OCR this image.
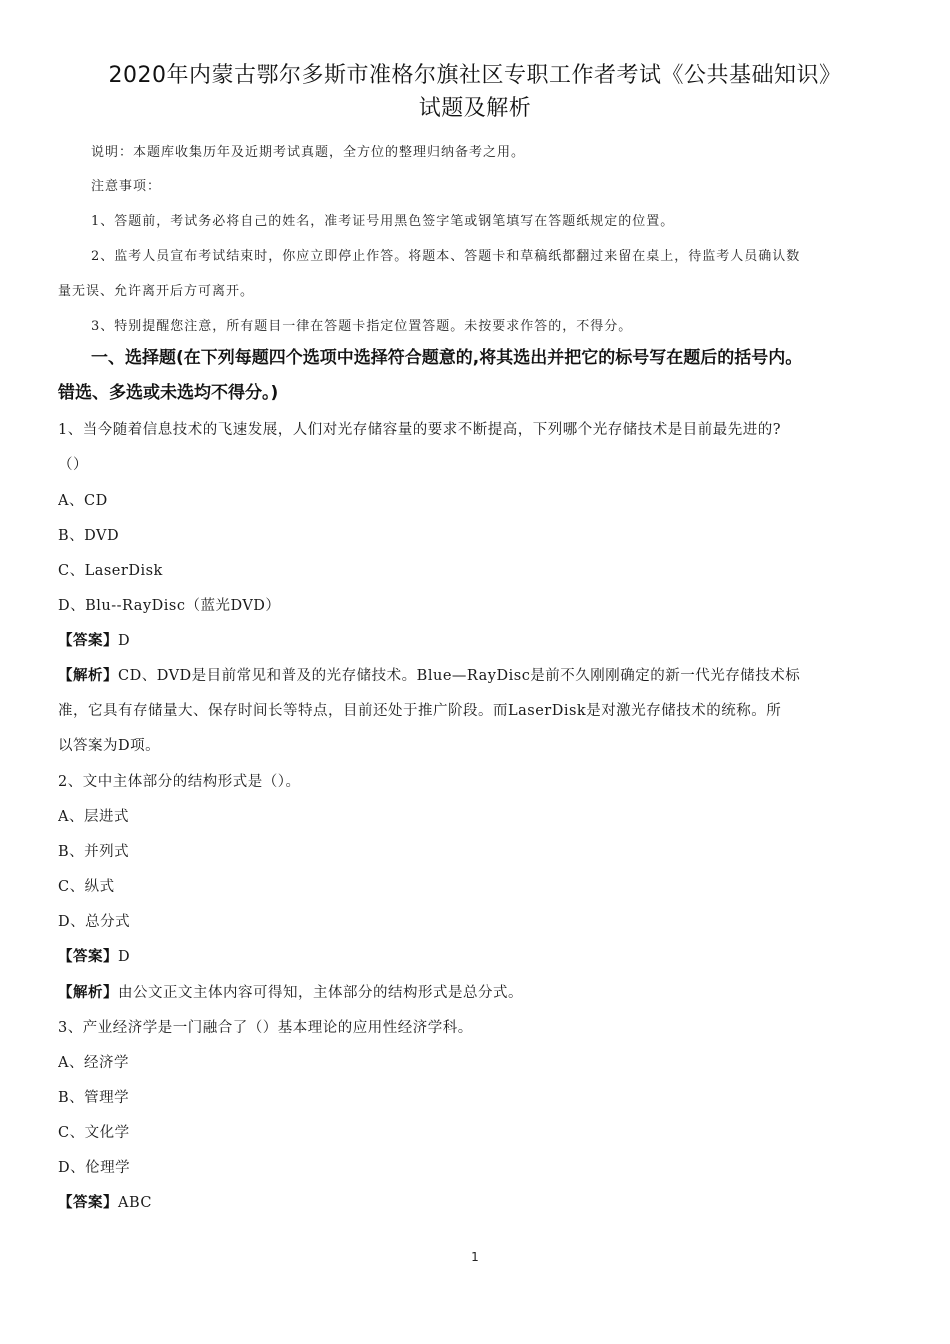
2020年内蒙古鄂尔多斯市准格尔旗社区专职工作者考试《公共基础知识》
试题及解析
说明：本题库收集历年及近期考试真题，全方位的整理归纳备考之用。
注意事项：
1、答题前，考试务必将自己的姓名，准考证号用黑色签字笔或钢笔填写在答题纸规定的位置。
2、监考人员宣布考试结束时，你应立即停止作答。将题本、答题卡和草稿纸都翻过来留在桌上，待监考人员确认数
量无误、允许离开后方可离开。
3、特别提醒您注意，所有题目一律在答题卡指定位置答题。未按要求作答的，不得分。
一、选择题(在下列每题四个选项中选择符合题意的,将其选出并把它的标号写在题后的括号内。
错选、多选或未选均不得分。)
1、当今随着信息技术的飞速发展，人们对光存储容量的要求不断提高，下列哪个光存储技术是目前最先进的?
（）
A、CD
B、DVD
C、LaserDisk
D、Blu--RayDisc（蓝光DVD）
【答案】D
【解析】CD、DVD是目前常见和普及的光存储技术。Blue—RayDisc是前不久刚刚确定的新一代光存储技术标
准，它具有存储量大、保存时间长等特点，目前还处于推广阶段。而LaserDisk是对激光存储技术的统称。所
以答案为D项。
2、文中主体部分的结构形式是（）。
A、层进式
B、并列式
C、纵式
D、总分式
【答案】D
【解析】由公文正文主体内容可得知，主体部分的结构形式是总分式。
3、产业经济学是一门融合了（）基本理论的应用性经济学科。
A、经济学
B、管理学
C、文化学
D、伦理学
【答案】ABC
1
